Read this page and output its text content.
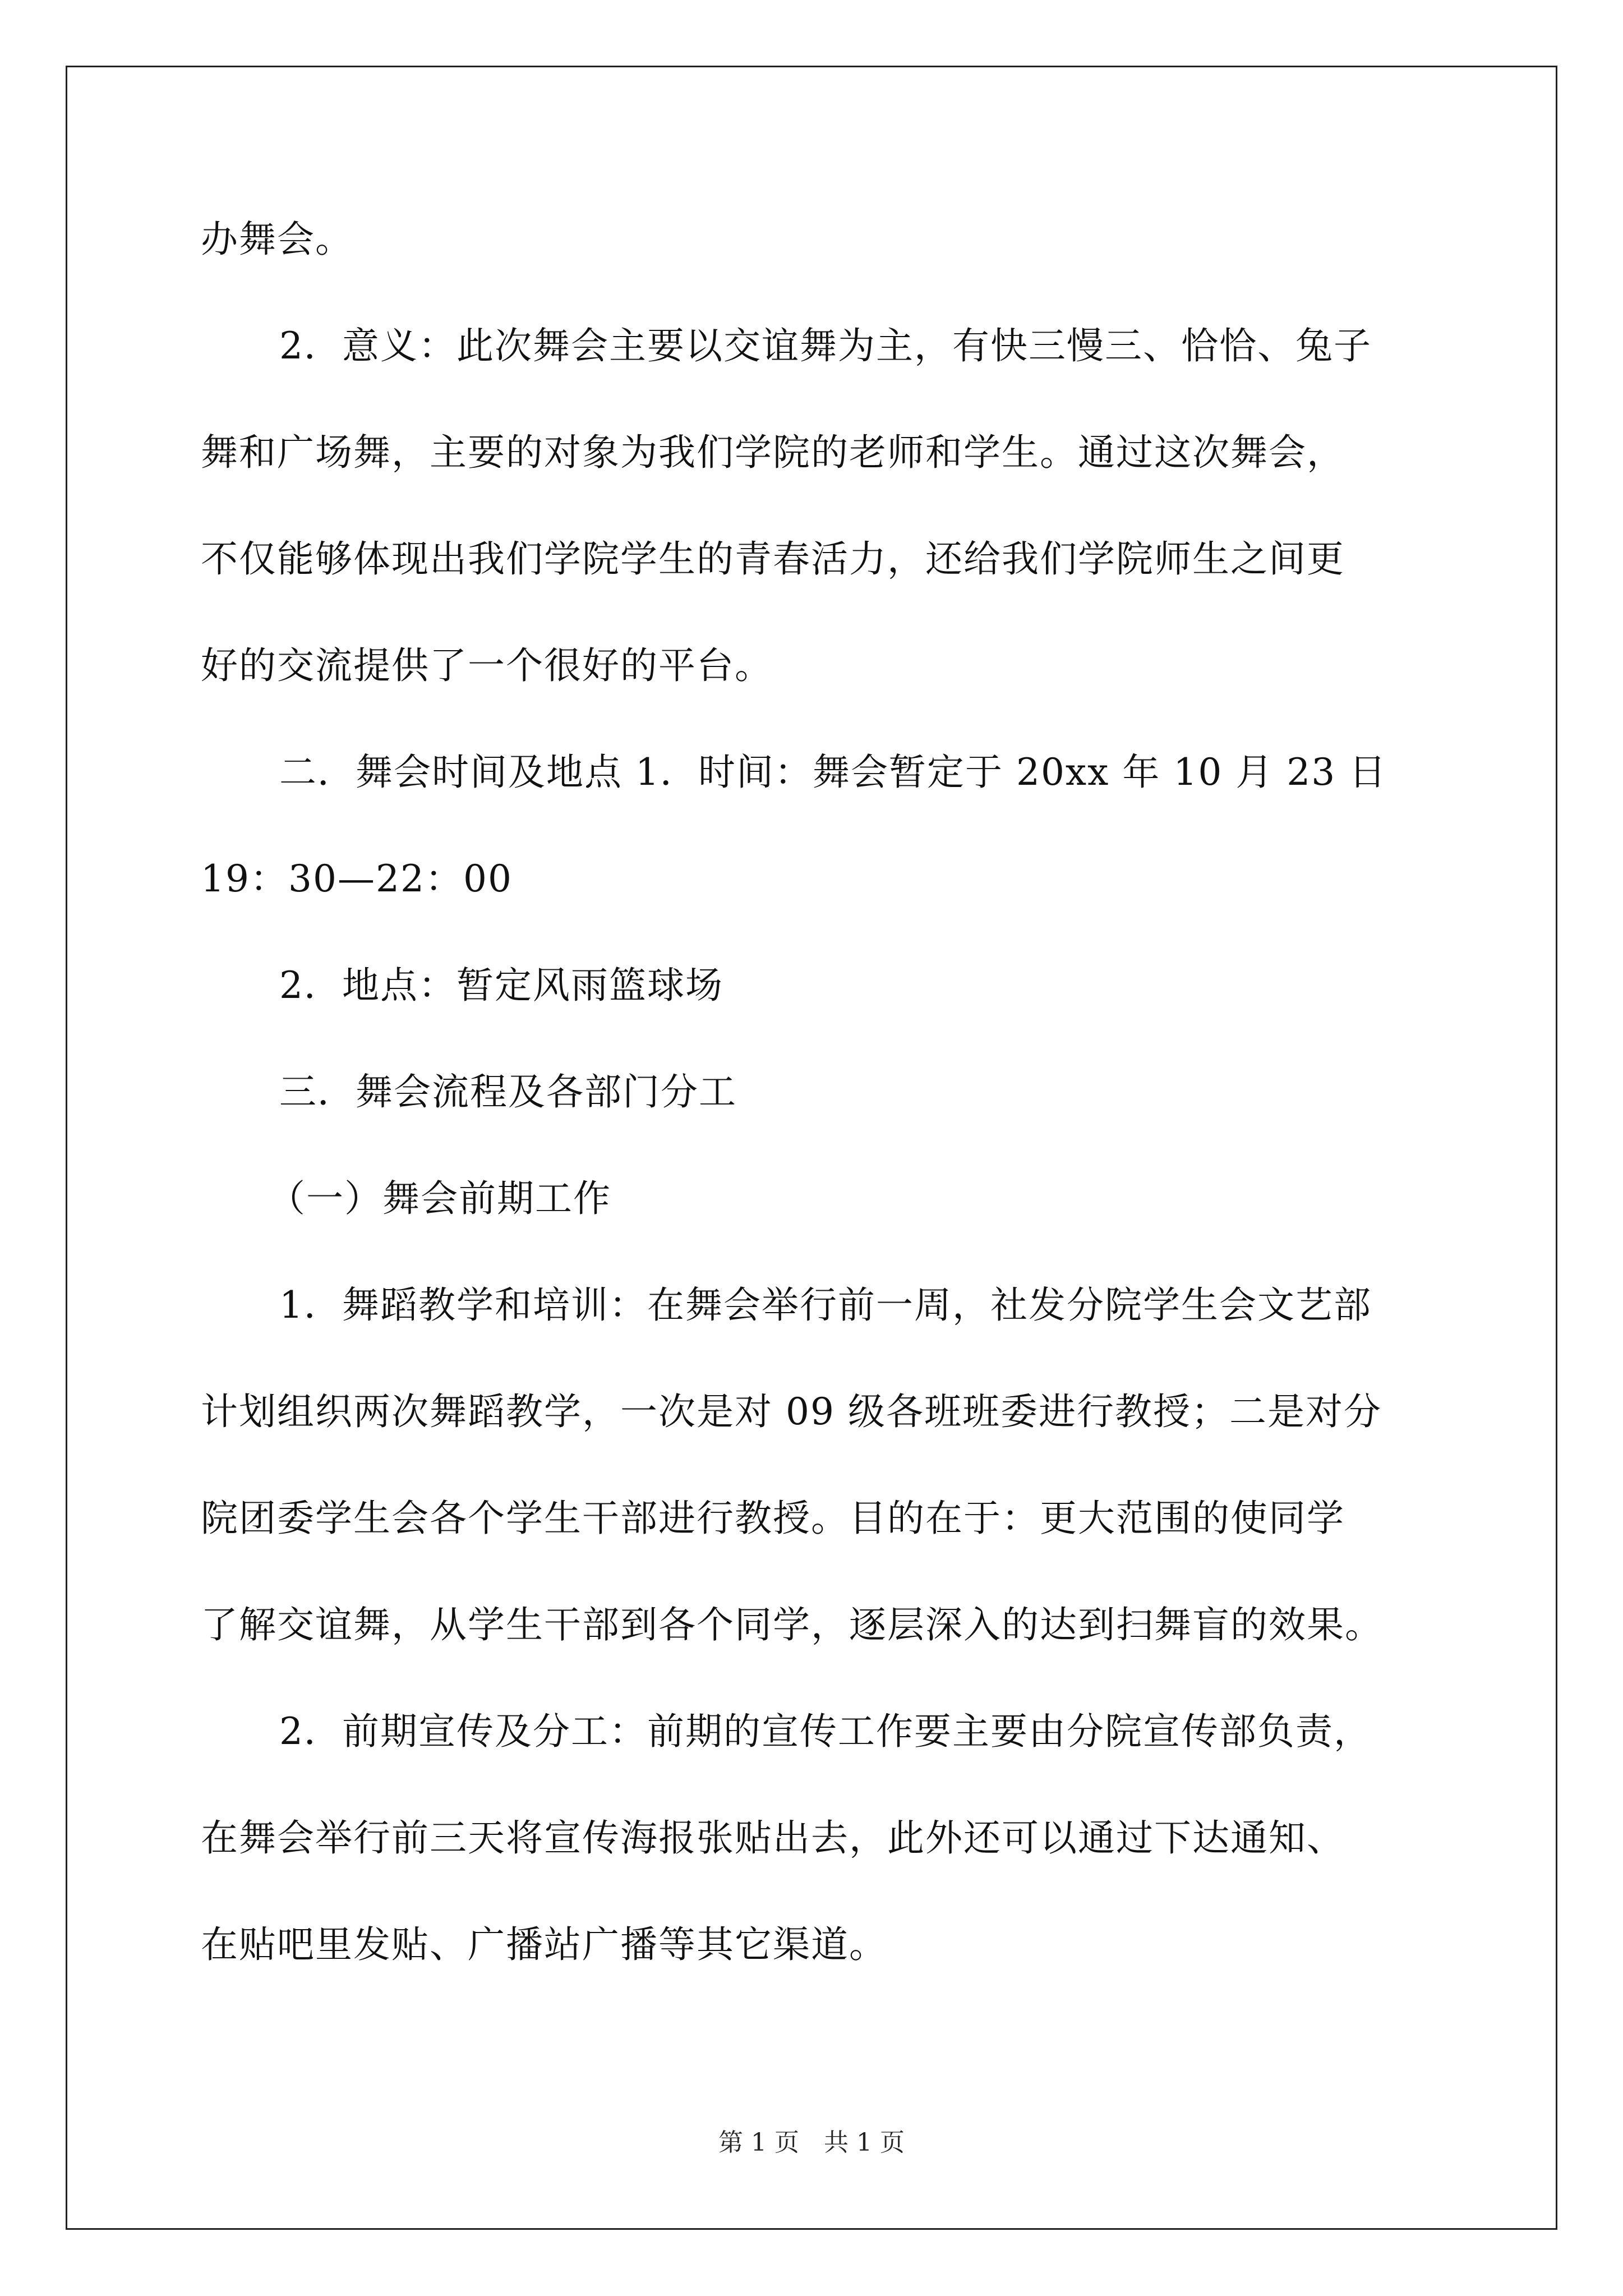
办舞会。
2．意义：此次舞会主要以交谊舞为主，有快三慢三、恰恰、兔子
舞和广场舞，主要的对象为我们学院的老师和学生。通过这次舞会，
不仅能够体现出我们学院学生的青春活力，还给我们学院师生之间更
好的交流提供了一个很好的平台。
二．舞会时间及地点 1．时间：舞会暂定于 20xx 年 10 月 23 日
19：30—22：00
2．地点：暂定风雨篮球场
三．舞会流程及各部门分工
（一）舞会前期工作
1．舞蹈教学和培训：在舞会举行前一周，社发分院学生会文艺部
计划组织两次舞蹈教学，一次是对 09 级各班班委进行教授；二是对分
院团委学生会各个学生干部进行教授。目的在于：更大范围的使同学
了解交谊舞，从学生干部到各个同学，逐层深入的达到扫舞盲的效果。
2．前期宣传及分工：前期的宣传工作要主要由分院宣传部负责，
在舞会举行前三天将宣传海报张贴出去，此外还可以通过下达通知、
在贴吧里发贴、广播站广播等其它渠道。
第 1 页　共 1 页
